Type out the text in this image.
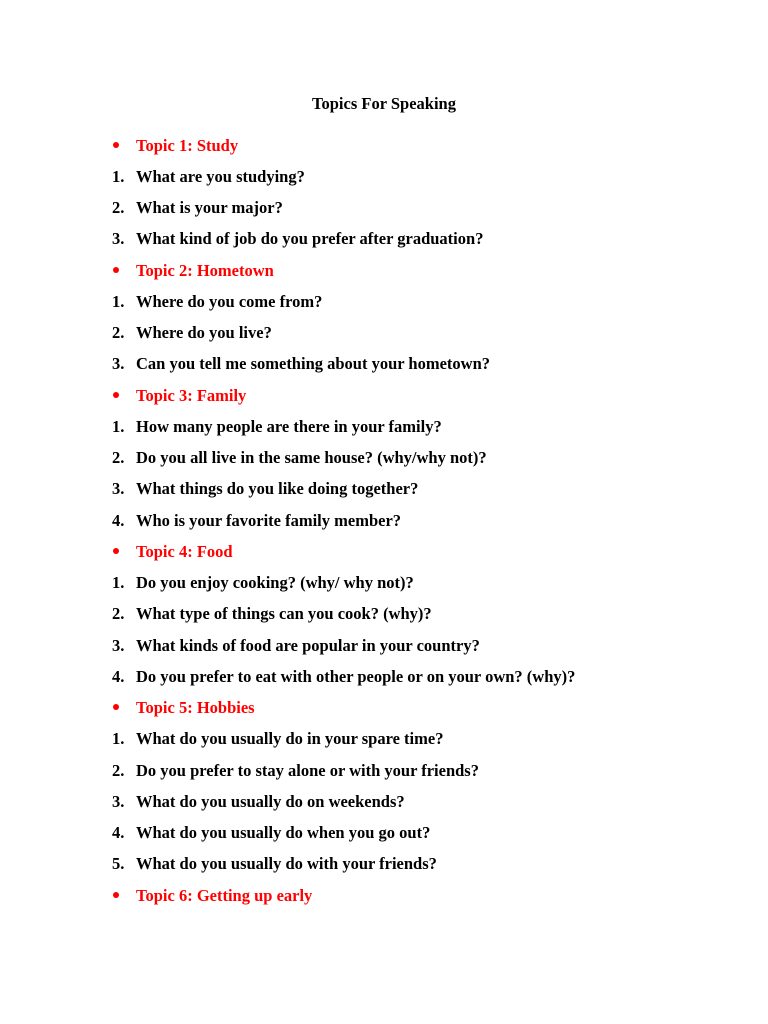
Topics For Speaking
Topic 1: Study
1. What are you studying?
2. What is your major?
3. What kind of job do you prefer after graduation?
Topic 2: Hometown
1. Where do you come from?
2. Where do you live?
3. Can you tell me something about your hometown?
Topic 3: Family
1. How many people are there in your family?
2. Do you all live in the same house? (why/why not)?
3. What things do you like doing together?
4. Who is your favorite family member?
Topic 4: Food
1. Do you enjoy cooking? (why/ why not)?
2. What type of things can you cook? (why)?
3. What kinds of food are popular in your country?
4. Do you prefer to eat with other people or on your own? (why)?
Topic 5: Hobbies
1. What do you usually do in your spare time?
2. Do you prefer to stay alone or with your friends?
3. What do you usually do on weekends?
4. What do you usually do when you go out?
5. What do you usually do with your friends?
Topic 6: Getting up early
